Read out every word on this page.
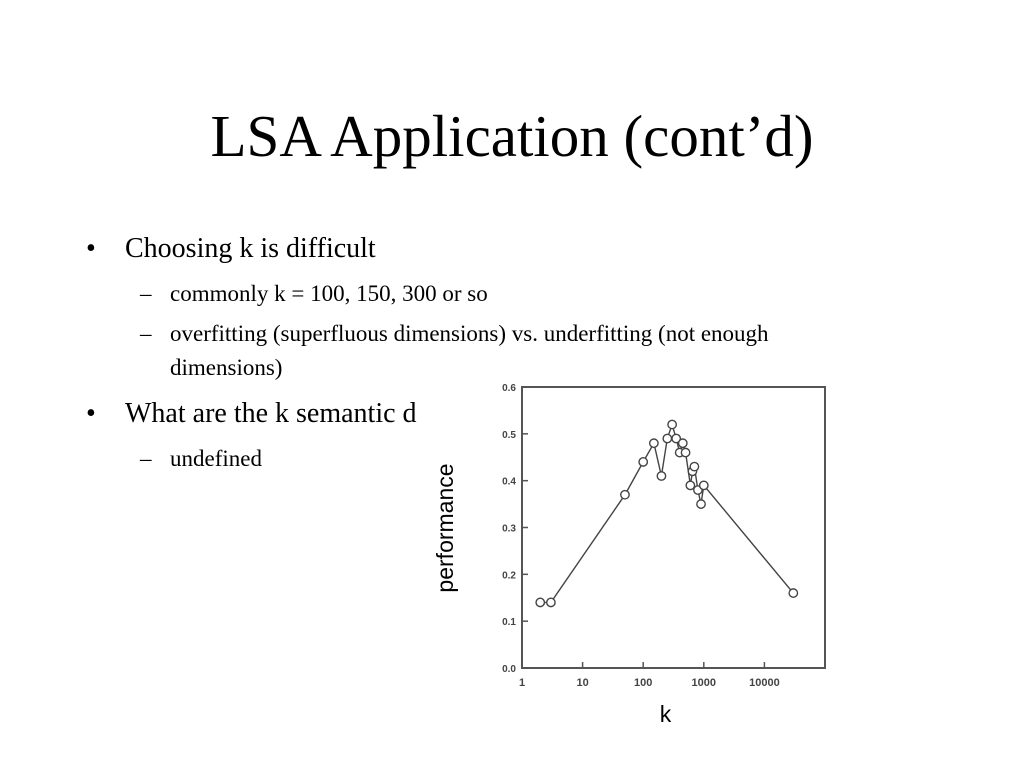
LSA Application (cont’d)
• Choosing k is difficult
– commonly k = 100, 150, 300 or so
– overfitting (superfluous dimensions) vs. underfitting (not enough
dimensions)
• What are the k semantic d
– undefined
0.0
0.1
0.2
0.3
0.4
0.5
0.6
1	10	100	1000	10000
k
performance
